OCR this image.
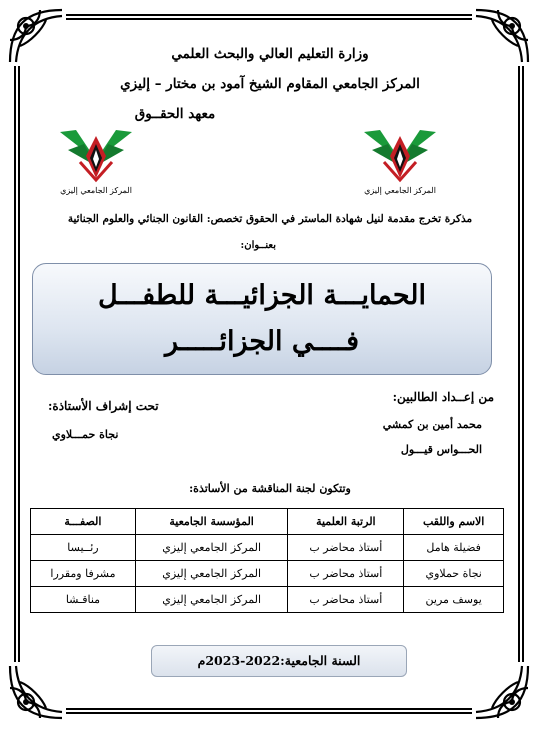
وزارة التعليم العالي والبحث العلمي
المركز الجامعي المقاوم الشيخ آمود بن مختار – إليزي
معهد الحقــوق
المركز الجامعي إليزي	المركز الجامعي إليزي
مذكرة تخرج مقدمة لنيل شهادة الماستر في الحقوق تخصص: القانون الجنائي والعلوم الجنائية
بعنــوان:
الحمايـــة الجزائيـــة للطفـــل
فــــي الجزائـــــر
من إعــداد الطالبين:
محمد أمين بن كمشي
الحـــواس قيـــول
تحت إشراف الأستاذة:
نجاة حمـــلاوي
وتتكون لجنة المناقشة من الأساتذة:
الاسم واللقب	الرتبة العلمية	المؤسسة الجامعية	الصفـــة
فضيلة هامل	أستاذ محاضر ب	المركز الجامعي إليزي	رئــيسا
نجاة حملاوي	أستاذ محاضر ب	المركز الجامعي إليزي	مشرفا ومقررا
يوسف مرين	أستاذ محاضر ب	المركز الجامعي إليزي	مناقـشا
السنة الجامعية:2022-2023م
